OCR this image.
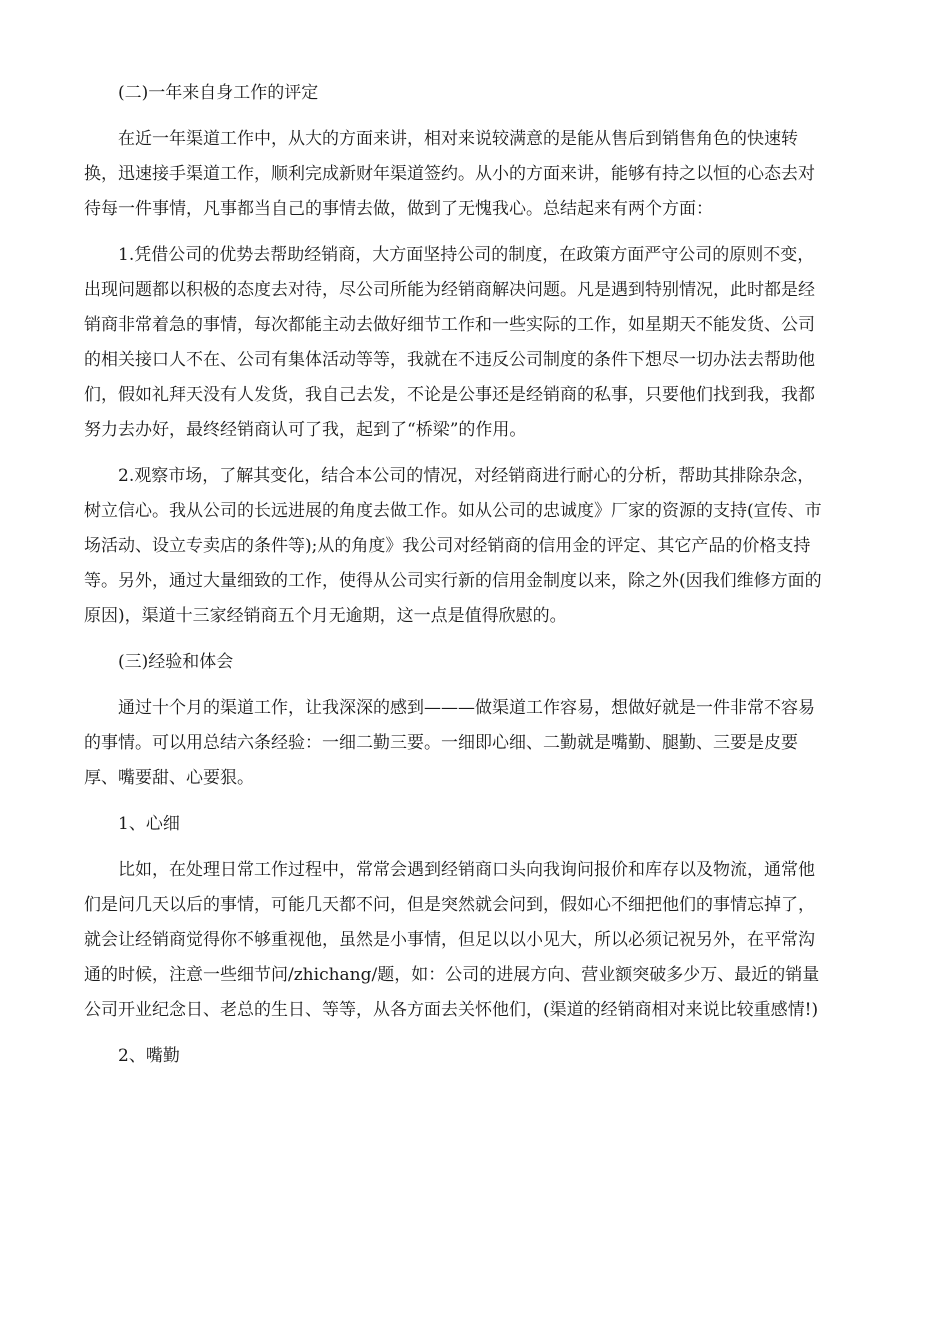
(二)一年来自身工作的评定
在近一年渠道工作中，从大的方面来讲，相对来说较满意的是能从售后到销售角色的快速转
换，迅速接手渠道工作，顺利完成新财年渠道签约。从小的方面来讲，能够有持之以恒的心态去对
待每一件事情，凡事都当自己的事情去做，做到了无愧我心。总结起来有两个方面：
1.凭借公司的优势去帮助经销商，大方面坚持公司的制度，在政策方面严守公司的原则不变，
出现问题都以积极的态度去对待，尽公司所能为经销商解决问题。凡是遇到特别情况，此时都是经
销商非常着急的事情，每次都能主动去做好细节工作和一些实际的工作，如星期天不能发货、公司
的相关接口人不在、公司有集体活动等等，我就在不违反公司制度的条件下想尽一切办法去帮助他
们，假如礼拜天没有人发货，我自己去发，不论是公事还是经销商的私事，只要他们找到我，我都
努力去办好，最终经销商认可了我，起到了“桥梁”的作用。
2.观察市场，了解其变化，结合本公司的情况，对经销商进行耐心的分析，帮助其排除杂念，
树立信心。我从公司的长远进展的角度去做工作。如从公司的忠诚度》厂家的资源的支持(宣传、市
场活动、设立专卖店的条件等);从的角度》我公司对经销商的信用金的评定、其它产品的价格支持
等。另外，通过大量细致的工作，使得从公司实行新的信用金制度以来，除之外(因我们维修方面的
原因)，渠道十三家经销商五个月无逾期，这一点是值得欣慰的。
(三)经验和体会
通过十个月的渠道工作，让我深深的感到———做渠道工作容易，想做好就是一件非常不容易
的事情。可以用总结六条经验：一细二勤三要。一细即心细、二勤就是嘴勤、腿勤、三要是皮要
厚、嘴要甜、心要狠。
1、心细
比如，在处理日常工作过程中，常常会遇到经销商口头向我询问报价和库存以及物流，通常他
们是问几天以后的事情，可能几天都不问，但是突然就会问到，假如心不细把他们的事情忘掉了，
就会让经销商觉得你不够重视他，虽然是小事情，但足以以小见大，所以必须记祝另外，在平常沟
通的时候，注意一些细节问/zhichang/题，如：公司的进展方向、营业额突破多少万、最近的销量
公司开业纪念日、老总的生日、等等，从各方面去关怀他们，(渠道的经销商相对来说比较重感情!)
2、嘴勤
